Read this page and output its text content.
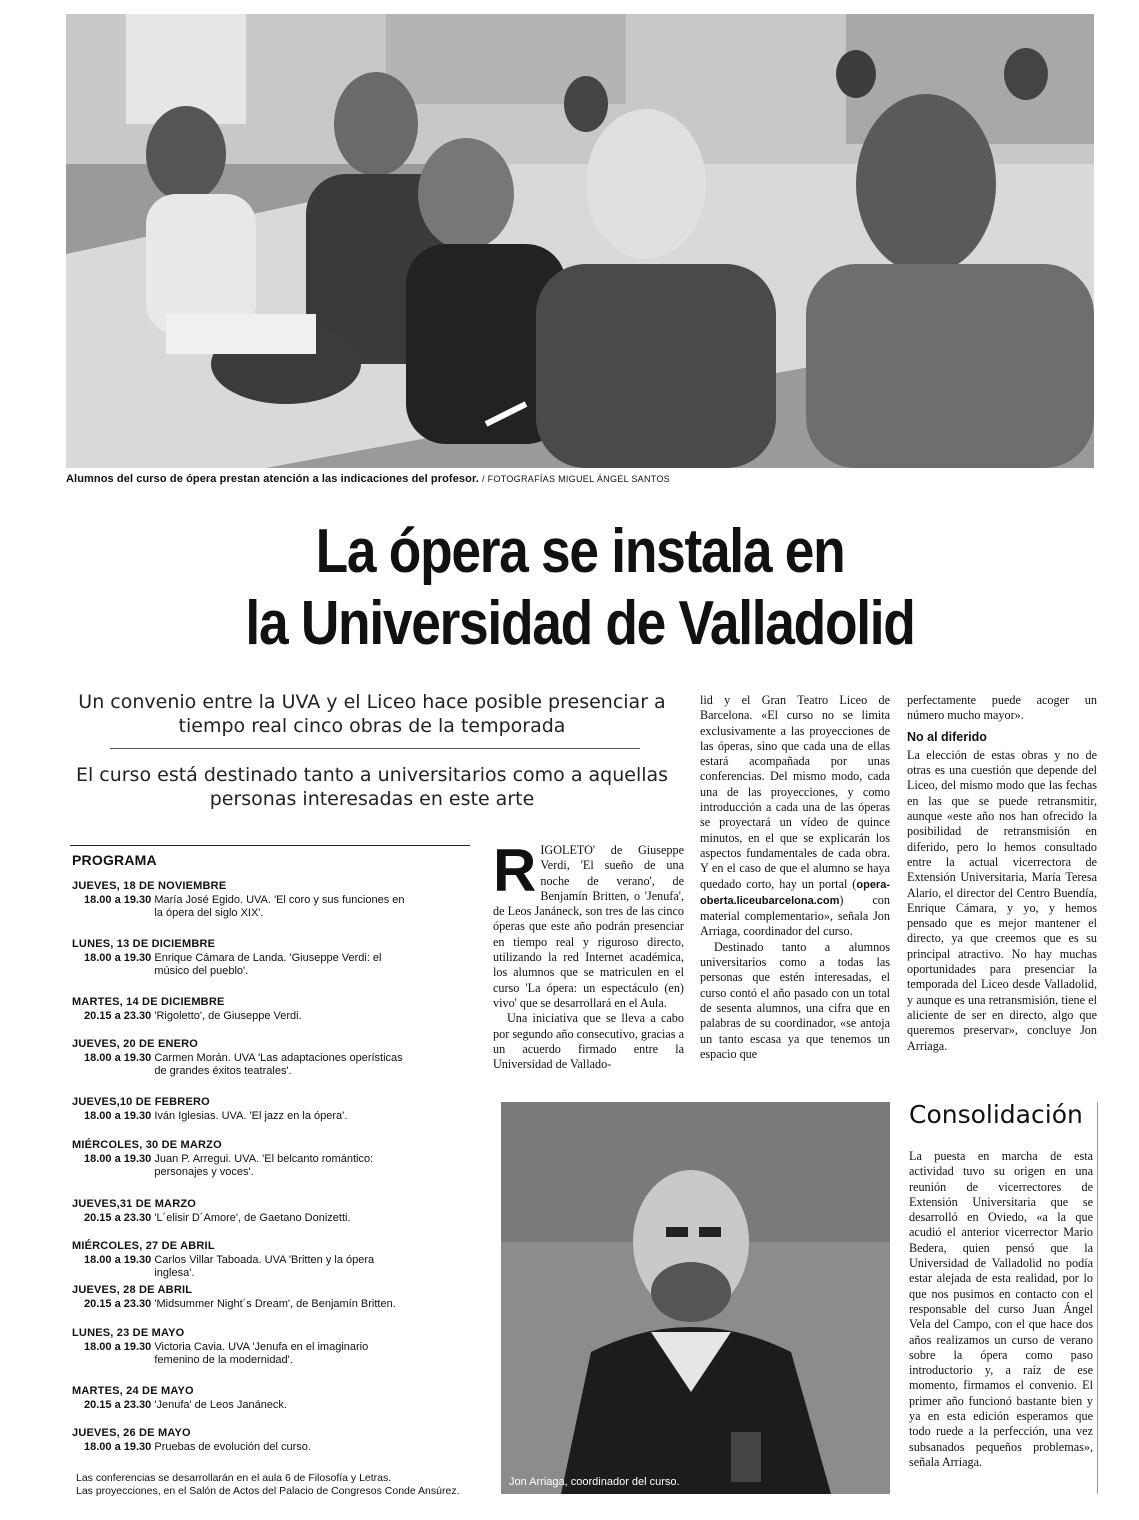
Alumnos del curso de ópera prestan atención a las indicaciones del profesor. / FOTOGRAFÍAS MIGUEL ÁNGEL SANTOS
La ópera se instala en
la Universidad de Valladolid
Un convenio entre la UVA y el Liceo hace posible presenciar a tiempo real cinco obras de la temporada
El curso está destinado tanto a universitarios como a aquellas personas interesadas en este arte
PROGRAMA
JUEVES, 18 DE NOVIEMBRE
18.00 a 19.30 María José Egido. UVA. 'El coro y sus funciones en la ópera del siglo XIX'.
LUNES, 13 DE DICIEMBRE
18.00 a 19.30 Enrique Cámara de Landa. 'Giuseppe Verdi: el músico del pueblo'.
MARTES, 14 DE DICIEMBRE
20.15 a 23.30 'Rigoletto', de Giuseppe Verdi.
JUEVES, 20 DE ENERO
18.00 a 19.30 Carmen Morán. UVA 'Las adaptaciones operísticas de grandes éxitos teatrales'.
JUEVES,10 DE FEBRERO
18.00 a 19.30 Iván Iglesias. UVA. 'El jazz en la ópera'.
MIÉRCOLES, 30 DE MARZO
18.00 a 19.30 Juan P. Arregui. UVA. 'El belcanto romántico: personajes y voces'.
JUEVES,31 DE MARZO
20.15 a 23.30 'L´elisir D´Amore', de Gaetano Donizetti.
MIÉRCOLES, 27 DE ABRIL
18.00 a 19.30 Carlos Villar Taboada. UVA 'Britten y la ópera inglesa'.
JUEVES, 28 DE ABRIL
20.15 a 23.30 'Midsummer Night´s Dream', de Benjamín Britten.
LUNES, 23 DE MAYO
18.00 a 19.30 Victoria Cavia. UVA 'Jenufa en el imaginario femenino de la modernidad'.
MARTES, 24 DE MAYO
20.15 a 23.30 'Jenufa' de Leos Janáneck.
JUEVES, 26 DE MAYO
18.00 a 19.30 Pruebas de evolución del curso.
Las conferencias se desarrollarán en el aula 6 de Filosofía y Letras.
Las proyecciones, en el Salón de Actos del Palacio de Congresos Conde Ansúrez.

RIGOLETO' de Giuseppe Verdi, 'El sueño de una noche de verano', de Benjamín Britten, o 'Jenufa', de Leos Janáneck, son tres de las cinco óperas que este año podrán presenciar en tiempo real y riguroso directo, utilizando la red Internet académica, los alumnos que se matriculen en el curso 'La ópera: un espectáculo (en) vivo' que se desarrollará en el Aula.

Una iniciativa que se lleva a cabo por segundo año consecutivo, gracias a un acuerdo firmado entre la Universidad de Vallado-

lid y el Gran Teatro Liceo de Barcelona. «El curso no se limita exclusivamente a las proyecciones de las óperas, sino que cada una de ellas estará acompañada por unas conferencias. Del mismo modo, cada una de las proyecciones, y como introducción a cada una de las óperas se proyectará un vídeo de quince minutos, en el que se explicarán los aspectos fundamentales de cada obra. Y en el caso de que el alumno se haya quedado corto, hay un portal (opera-oberta.liceubarcelona.com) con material complementario», señala Jon Arriaga, coordinador del curso.

Destinado tanto a alumnos universitarios como a todas las personas que estén interesadas, el curso contó el año pasado con un total de sesenta alumnos, una cifra que en palabras de su coordinador, «se antoja un tanto escasa ya que tenemos un espacio que

perfectamente puede acoger un número mucho mayor».

No al diferido

La elección de estas obras y no de otras es una cuestión que depende del Liceo, del mismo modo que las fechas en las que se puede retransmitir, aunque «este año nos han ofrecido la posibilidad de retransmisión en diferido, pero lo hemos consultado entre la actual vicerrectora de Extensión Universitaria, María Teresa Alario, el director del Centro Buendía, Enrique Cámara, y yo, y hemos pensado que es mejor mantener el directo, ya que creemos que es su principal atractivo. No hay muchas oportunidades para presenciar la temporada del Liceo desde Valladolid, y aunque es una retransmisión, tiene el aliciente de ser en directo, algo que queremos preservar», concluye Jon Arriaga.

Jon Arriaga, coordinador del curso.
Consolidación
La puesta en marcha de esta actividad tuvo su origen en una reunión de vicerrectores de Extensión Universitaria que se desarrolló en Oviedo, «a la que acudió el anterior vicerrector Mario Bedera, quien pensó que la Universidad de Valladolid no podía estar alejada de esta realidad, por lo que nos pusimos en contacto con el responsable del curso Juan Ángel Vela del Campo, con el que hace dos años realizamos un curso de verano sobre la ópera como paso introductorio y, a raíz de ese momento, firmamos el convenio. El primer año funcionó bastante bien y ya en esta edición esperamos que todo ruede a la perfección, una vez subsanados pequeños problemas», señala Arriaga.
